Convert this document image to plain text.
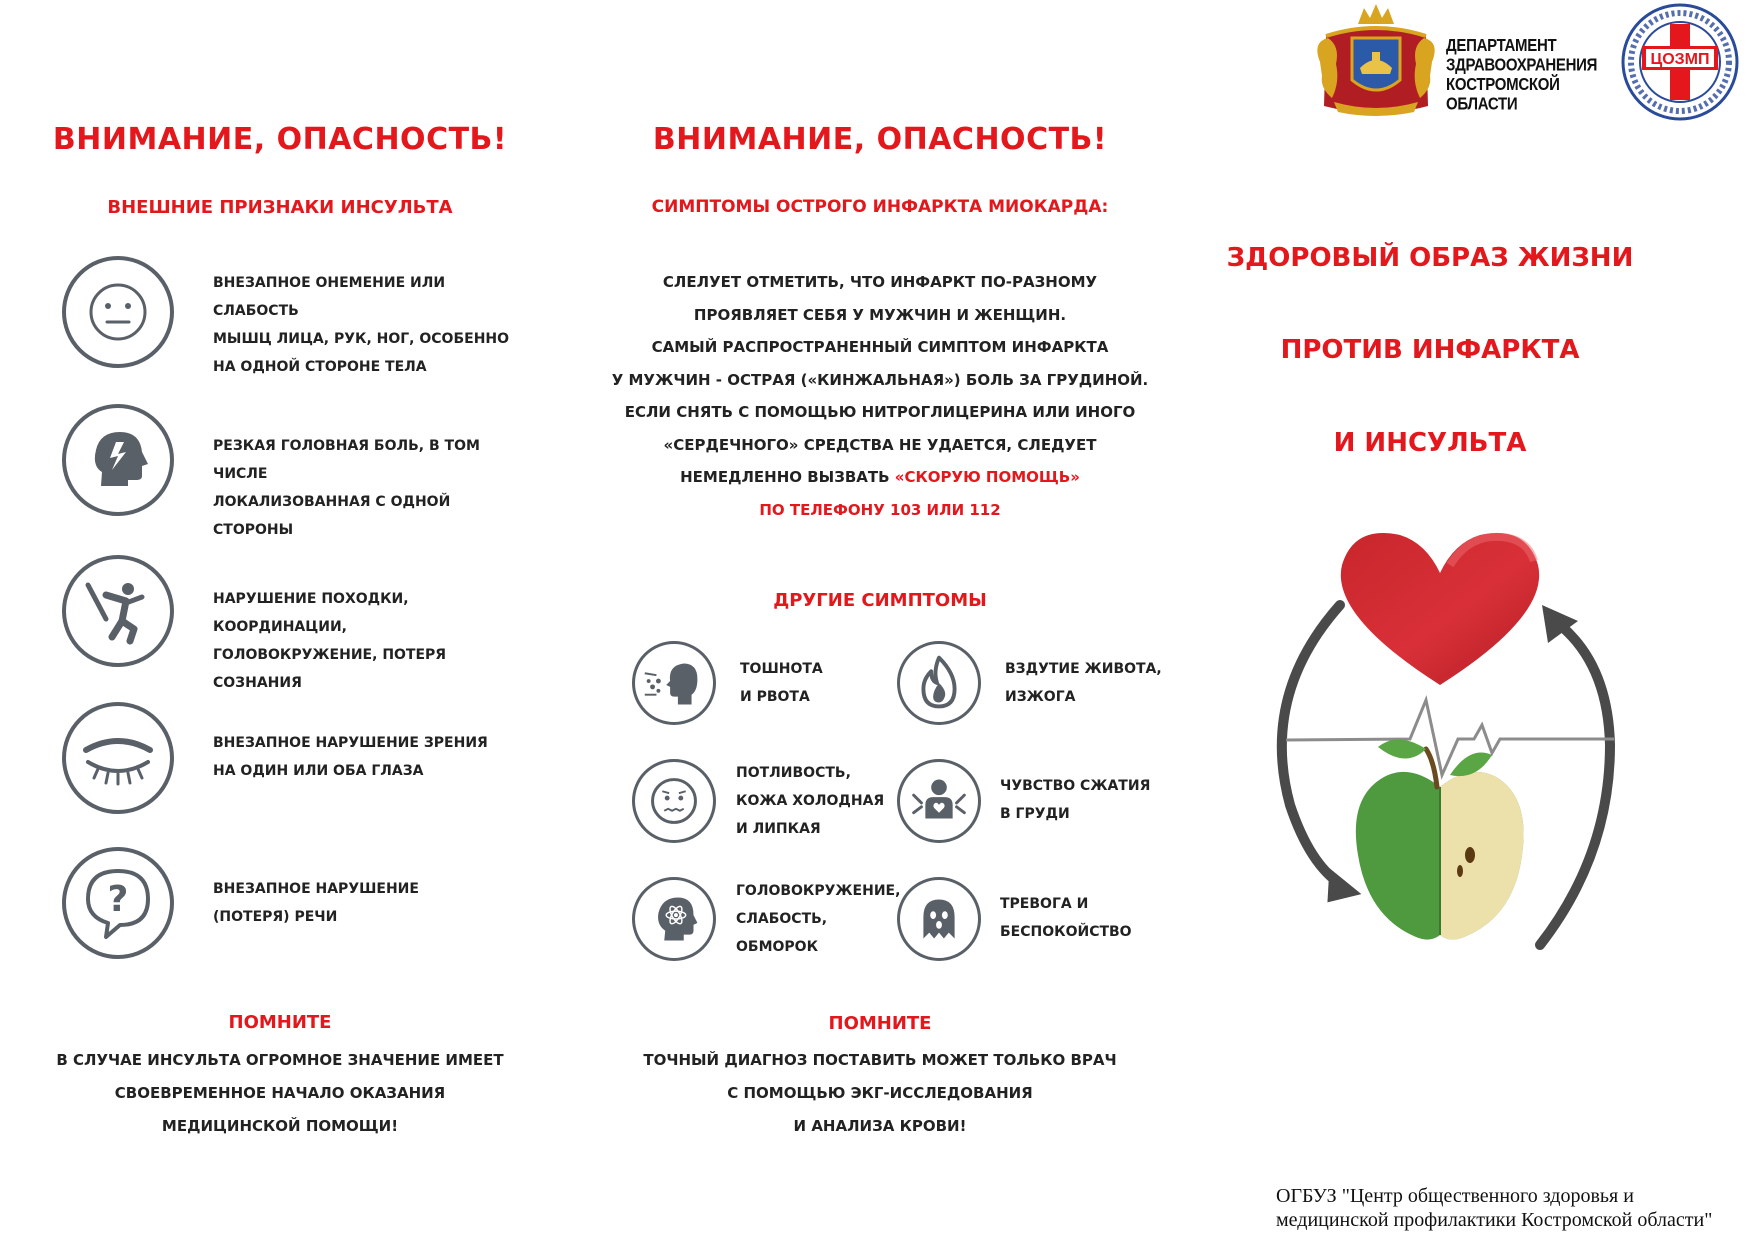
ДЕПАРТАМЕНТ
ЗДРАВООХРАНЕНИЯ
КОСТРОМСКОЙ ОБЛАСТИ
ЦОЗМП
ВНИМАНИЕ, ОПАСНОСТЬ!
ВНЕШНИЕ ПРИЗНАКИ ИНСУЛЬТА
ВНЕЗАПНОЕ ОНЕМЕНИЕ ИЛИ СЛАБОСТЬ
МЫШЦ ЛИЦА, РУК, НОГ, ОСОБЕННО
НА ОДНОЙ СТОРОНЕ ТЕЛА
РЕЗКАЯ ГОЛОВНАЯ БОЛЬ, В ТОМ ЧИСЛЕ
ЛОКАЛИЗОВАННАЯ С ОДНОЙ СТОРОНЫ
НАРУШЕНИЕ ПОХОДКИ, КООРДИНАЦИИ,
ГОЛОВОКРУЖЕНИЕ, ПОТЕРЯ СОЗНАНИЯ
ВНЕЗАПНОЕ НАРУШЕНИЕ ЗРЕНИЯ
НА ОДИН ИЛИ ОБА ГЛАЗА
?	ВНЕЗАПНОЕ НАРУШЕНИЕ
(ПОТЕРЯ) РЕЧИ
ПОМНИТЕ
В СЛУЧАЕ ИНСУЛЬТА ОГРОМНОЕ ЗНАЧЕНИЕ ИМЕЕТ
СВОЕВРЕМЕННОЕ НАЧАЛО ОКАЗАНИЯ
МЕДИЦИНСКОЙ ПОМОЩИ!
ВНИМАНИЕ, ОПАСНОСТЬ!
СИМПТОМЫ ОСТРОГО ИНФАРКТА МИОКАРДА:
СЛЕЛУЕТ ОТМЕТИТЬ, ЧТО ИНФАРКТ ПО-РАЗНОМУ
ПРОЯВЛЯЕТ СЕБЯ У МУЖЧИН И ЖЕНЩИН.
САМЫЙ РАСПРОСТРАНЕННЫЙ СИМПТОМ ИНФАРКТА
У МУЖЧИН - ОСТРАЯ («КИНЖАЛЬНАЯ») БОЛЬ ЗА ГРУДИНОЙ.
ЕСЛИ СНЯТЬ С ПОМОЩЬЮ НИТРОГЛИЦЕРИНА ИЛИ ИНОГО
«СЕРДЕЧНОГО» СРЕДСТВА НЕ УДАЕТСЯ, СЛЕДУЕТ
НЕМЕДЛЕННО ВЫЗВАТЬ «СКОРУЮ ПОМОЩЬ»
ПО ТЕЛЕФОНУ 103 ИЛИ 112
ДРУГИЕ СИМПТОМЫ
ТОШНОТА
И РВОТА
ВЗДУТИЕ ЖИВОТА,
ИЗЖОГА
ПОТЛИВОСТЬ,
КОЖА ХОЛОДНАЯ
И ЛИПКАЯ
ЧУВСТВО СЖАТИЯ
В ГРУДИ
ГОЛОВОКРУЖЕНИЕ,
СЛАБОСТЬ,
ОБМОРОК
ТРЕВОГА И
БЕСПОКОЙСТВО
ПОМНИТЕ
ТОЧНЫЙ ДИАГНОЗ ПОСТАВИТЬ МОЖЕТ ТОЛЬКО ВРАЧ
С ПОМОЩЬЮ ЭКГ-ИССЛЕДОВАНИЯ
И АНАЛИЗА КРОВИ!
ЗДОРОВЫЙ ОБРАЗ ЖИЗНИ
ПРОТИВ ИНФАРКТА
И ИНСУЛЬТА
ОГБУЗ "Центр общественного здоровья и
медицинской профилактики Костромской области"
